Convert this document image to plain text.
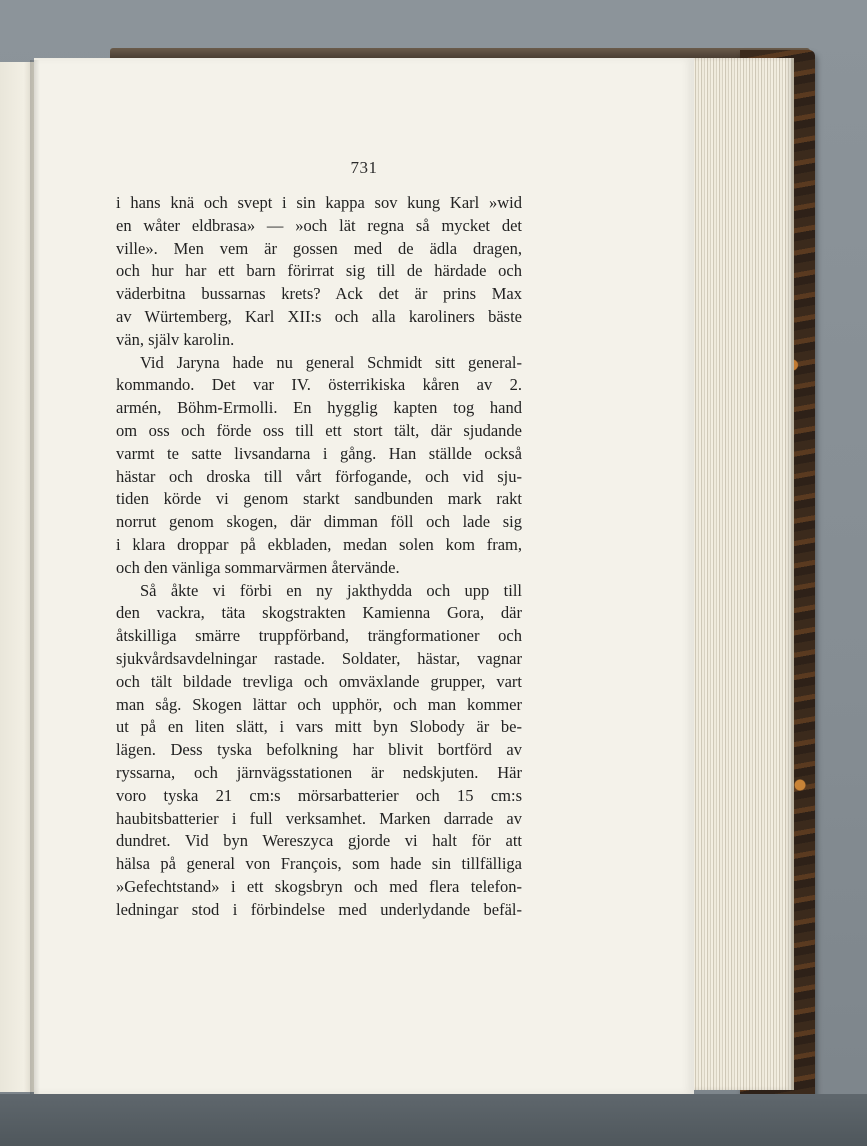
731
i hans knä och svept i sin kappa sov kung Karl »wid
en wåter eldbrasa» — »och lät regna så mycket det
ville». Men vem är gossen med de ädla dragen,
och hur har ett barn förirrat sig till de härdade och
väderbitna bussarnas krets? Ack det är prins Max
av Würtemberg, Karl XII:s och alla karoliners bäste
vän, själv karolin.
Vid Jaryna hade nu general Schmidt sitt general-
kommando. Det var IV. österrikiska kåren av 2.
armén, Böhm-Ermolli. En hygglig kapten tog hand
om oss och förde oss till ett stort tält, där sjudande
varmt te satte livsandarna i gång. Han ställde också
hästar och droska till vårt förfogande, och vid sju-
tiden körde vi genom starkt sandbunden mark rakt
norrut genom skogen, där dimman föll och lade sig
i klara droppar på ekbladen, medan solen kom fram,
och den vänliga sommarvärmen återvände.
Så åkte vi förbi en ny jakthydda och upp till
den vackra, täta skogstrakten Kamienna Gora, där
åtskilliga smärre truppförband, trängformationer och
sjukvårdsavdelningar rastade. Soldater, hästar, vagnar
och tält bildade trevliga och omväxlande grupper, vart
man såg. Skogen lättar och upphör, och man kommer
ut på en liten slätt, i vars mitt byn Slobody är be-
lägen. Dess tyska befolkning har blivit bortförd av
ryssarna, och järnvägsstationen är nedskjuten. Här
voro tyska 21 cm:s mörsarbatterier och 15 cm:s
haubitsbatterier i full verksamhet. Marken darrade av
dundret. Vid byn Wereszyca gjorde vi halt för att
hälsa på general von François, som hade sin tillfälliga
»Gefechtstand» i ett skogsbryn och med flera telefon-
ledningar stod i förbindelse med underlydande befäl-
